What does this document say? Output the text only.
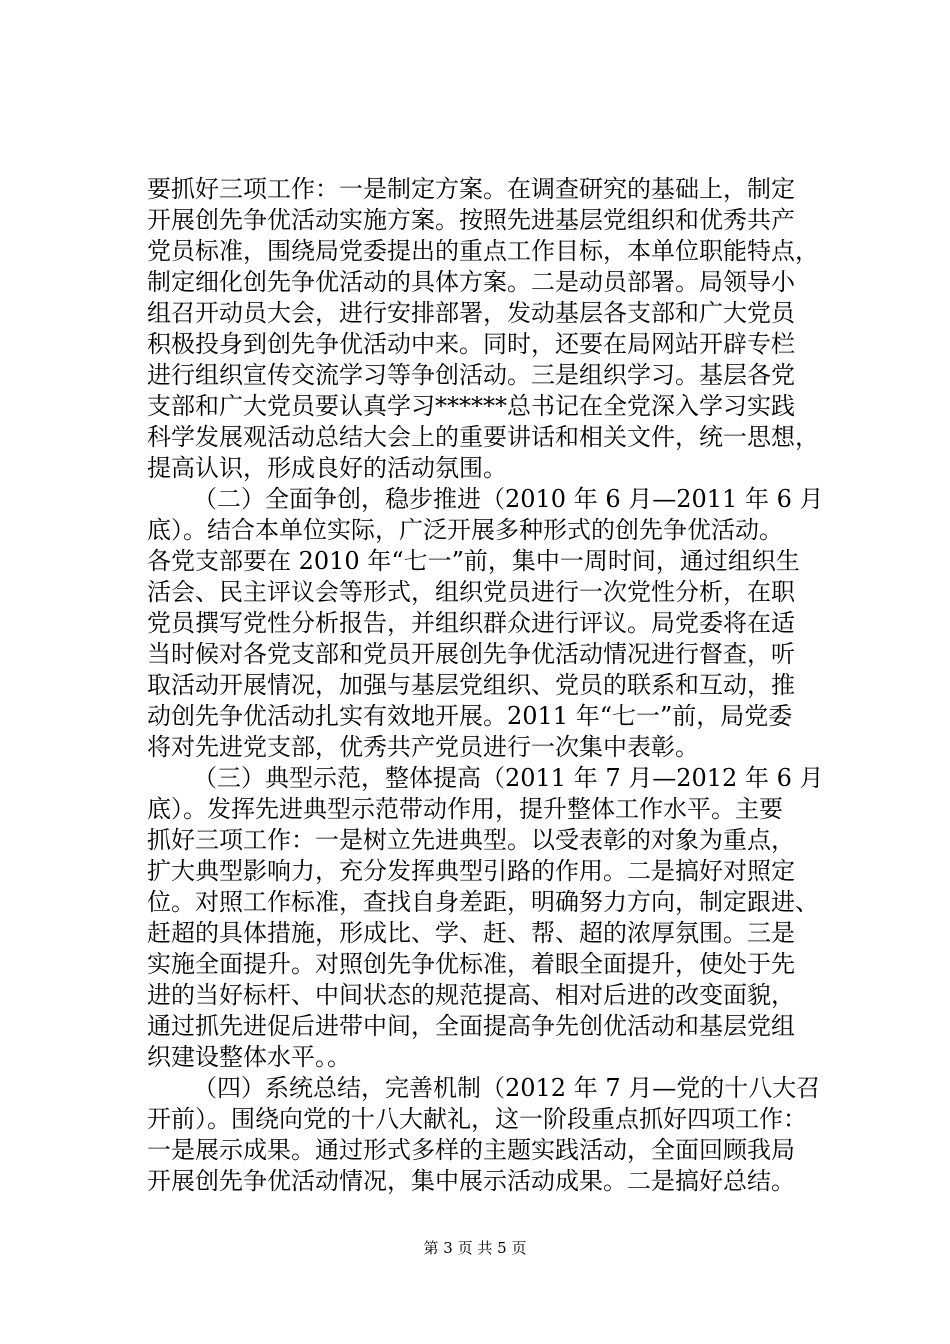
要抓好三项工作：一是制定方案。在调查研究的基础上，制定
开展创先争优活动实施方案。按照先进基层党组织和优秀共产
党员标准，围绕局党委提出的重点工作目标，本单位职能特点，
制定细化创先争优活动的具体方案。二是动员部署。局领导小
组召开动员大会，进行安排部署，发动基层各支部和广大党员
积极投身到创先争优活动中来。同时，还要在局网站开辟专栏
进行组织宣传交流学习等争创活动。三是组织学习。基层各党
支部和广大党员要认真学习******总书记在全党深入学习实践
科学发展观活动总结大会上的重要讲话和相关文件，统一思想，
提高认识，形成良好的活动氛围。
（二）全面争创，稳步推进（2010 年 6 月—2011 年 6 月
底）。结合本单位实际，广泛开展多种形式的创先争优活动。
各党支部要在 2010 年“七一”前，集中一周时间，通过组织生
活会、民主评议会等形式，组织党员进行一次党性分析，在职
党员撰写党性分析报告，并组织群众进行评议。局党委将在适
当时候对各党支部和党员开展创先争优活动情况进行督查，听
取活动开展情况，加强与基层党组织、党员的联系和互动，推
动创先争优活动扎实有效地开展。2011 年“七一”前，局党委
将对先进党支部，优秀共产党员进行一次集中表彰。
（三）典型示范，整体提高（2011 年 7 月—2012 年 6 月
底）。发挥先进典型示范带动作用，提升整体工作水平。主要
抓好三项工作：一是树立先进典型。以受表彰的对象为重点，
扩大典型影响力，充分发挥典型引路的作用。二是搞好对照定
位。对照工作标准，查找自身差距，明确努力方向，制定跟进、
赶超的具体措施，形成比、学、赶、帮、超的浓厚氛围。三是
实施全面提升。对照创先争优标准，着眼全面提升，使处于先
进的当好标杆、中间状态的规范提高、相对后进的改变面貌，
通过抓先进促后进带中间，全面提高争先创优活动和基层党组
织建设整体水平。。
（四）系统总结，完善机制（2012 年 7 月—党的十八大召
开前）。围绕向党的十八大献礼，这一阶段重点抓好四项工作：
一是展示成果。通过形式多样的主题实践活动，全面回顾我局
开展创先争优活动情况，集中展示活动成果。二是搞好总结。
第 3 页 共 5 页
